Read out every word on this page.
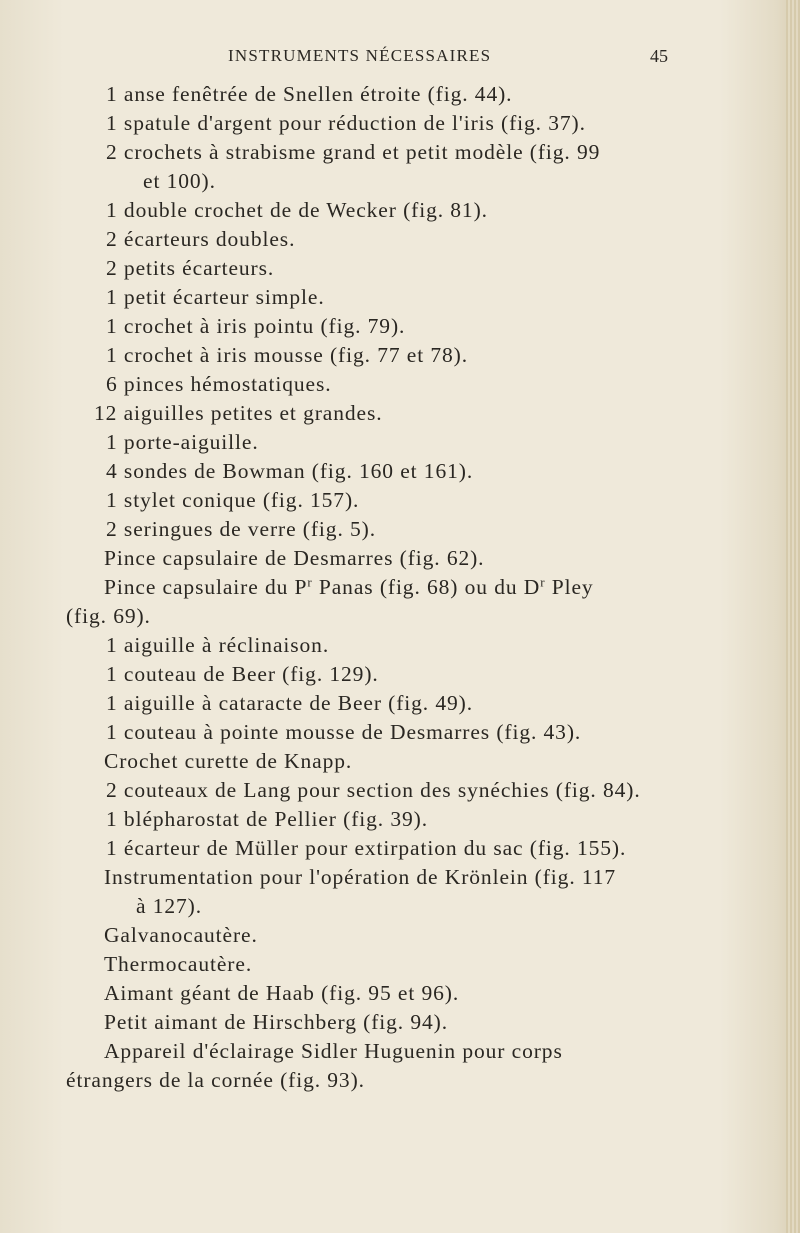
INSTRUMENTS NÉCESSAIRES	45
1 anse fenêtrée de Snellen étroite (fig. 44).
1 spatule d'argent pour réduction de l'iris (fig. 37).
2 crochets à strabisme grand et petit modèle (fig. 99
et 100).
1 double crochet de de Wecker (fig. 81).
2 écarteurs doubles.
2 petits écarteurs.
1 petit écarteur simple.
1 crochet à iris pointu (fig. 79).
1 crochet à iris mousse (fig. 77 et 78).
6 pinces hémostatiques.
12 aiguilles petites et grandes.
1 porte-aiguille.
4 sondes de Bowman (fig. 160 et 161).
1 stylet conique (fig. 157).
2 seringues de verre (fig. 5).
Pince capsulaire de Desmarres (fig. 62).
Pince capsulaire du $P^r$ Panas (fig. 68) ou du $D^r$ Pley
(fig. 69).
1 aiguille à réclinaison.
1 couteau de Beer (fig. 129).
1 aiguille à cataracte de Beer (fig. 49).
1 couteau à pointe mousse de Desmarres (fig. 43).
Crochet curette de Knapp.
2 couteaux de Lang pour section des synéchies (fig. 84).
1 blépharostat de Pellier (fig. 39).
1 écarteur de Müller pour extirpation du sac (fig. 155).
Instrumentation pour l'opération de Krönlein (fig. 117
à 127).
Galvanocautère.
Thermocautère.
Aimant géant de Haab (fig. 95 et 96).
Petit aimant de Hirschberg (fig. 94).
Appareil d'éclairage Sidler Huguenin pour corps
étrangers de la cornée (fig. 93).
